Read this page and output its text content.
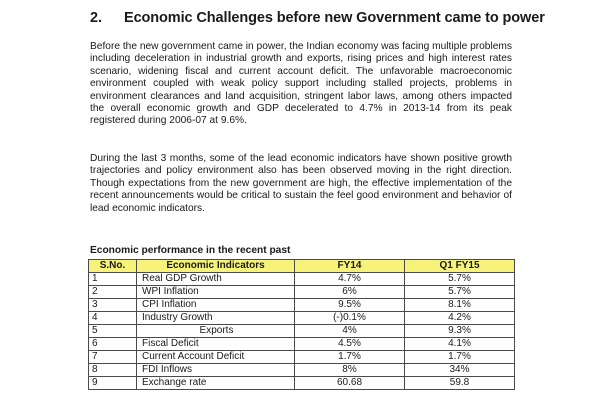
2. Economic Challenges before new Government came to power

Before the new government came in power, the Indian economy was facing multiple problems including deceleration in industrial growth and exports, rising prices and high interest rates scenario, widening fiscal and current account deficit. The unfavorable macroeconomic environment coupled with weak policy support including stalled projects, problems in environment clearances and land acquisition, stringent labor laws, among others impacted the overall economic growth and GDP decelerated to 4.7% in 2013-14 from its peak registered during 2006-07 at 9.6%.

During the last 3 months, some of the lead economic indicators have shown positive growth trajectories and policy environment also has been observed moving in the right direction. Though expectations from the new government are high, the effective implementation of the recent announcements would be critical to sustain the feel good environment and behavior of lead economic indicators.

Economic performance in the recent past
S.No.	Economic Indicators	FY14	Q1 FY15
1	Real GDP Growth	4.7%	5.7%
2	WPI Inflation	6%	5.7%
3	CPI Inflation	9.5%	8.1%
4	Industry Growth	(-)0.1%	4.2%
5	Exports	4%	9.3%
6	Fiscal Deficit	4.5%	4.1%
7	Current Account Deficit	1.7%	1.7%
8	FDI Inflows	8%	34%
9	Exchange rate	60.68	59.8
